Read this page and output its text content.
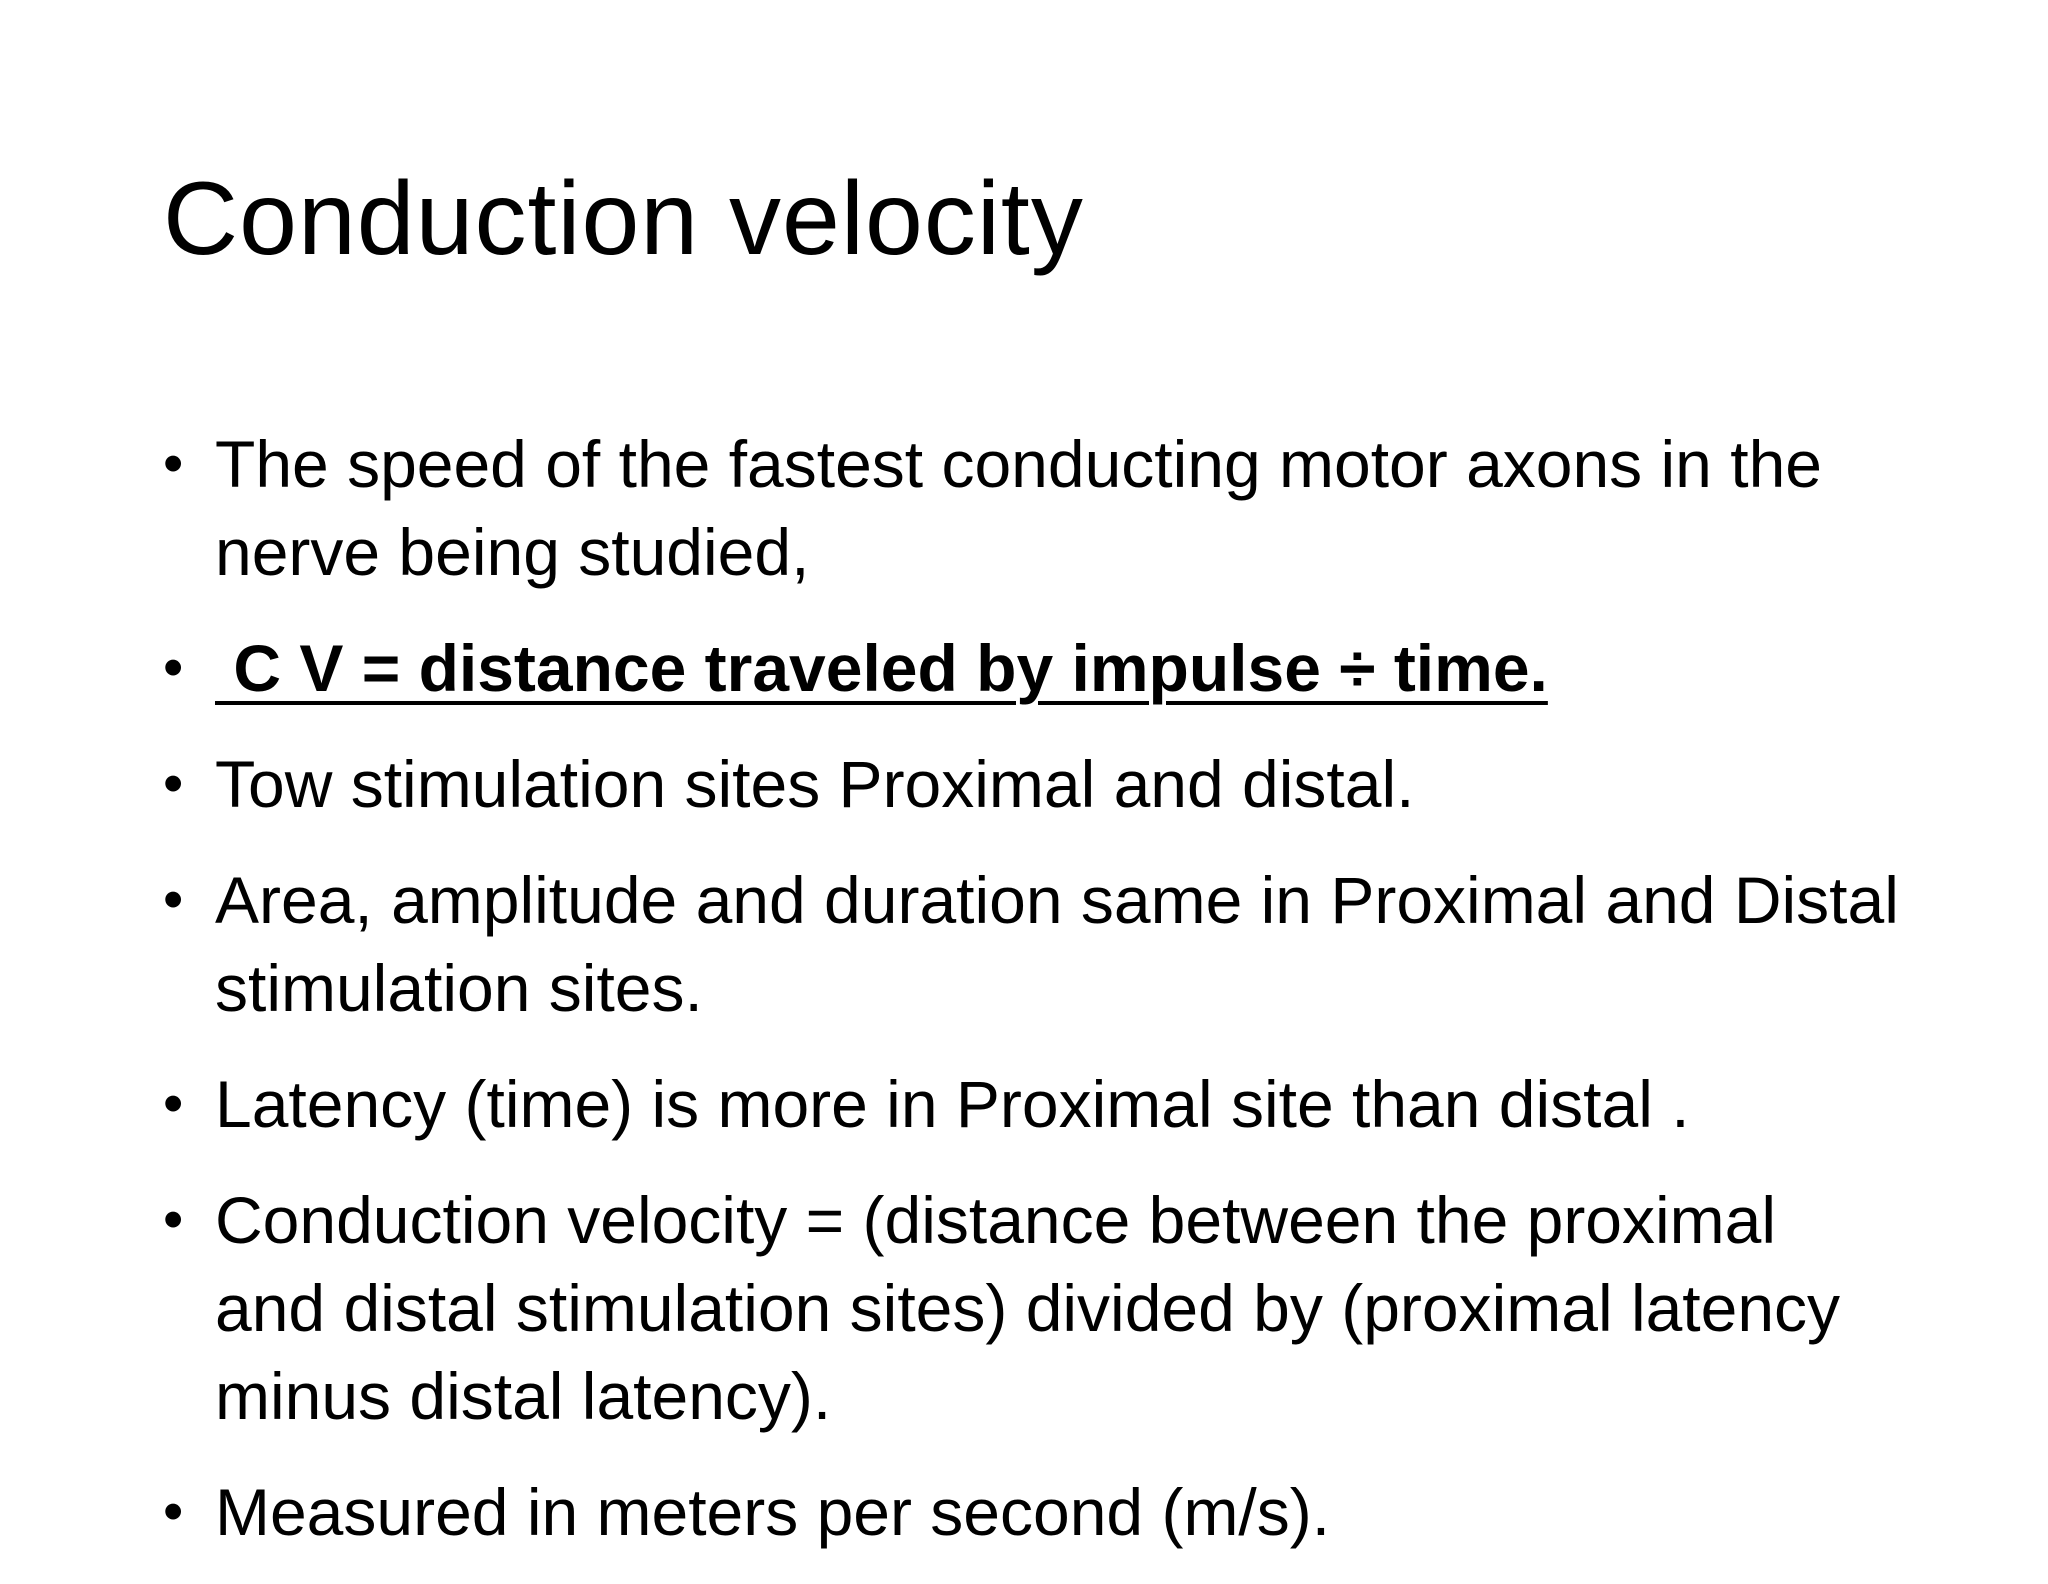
Conduction velocity
• The speed of the fastest conducting motor axons in the nerve being studied,
• C V = distance traveled by impulse ÷ time.
• Tow stimulation sites Proximal and distal.
• Area, amplitude and duration same in Proximal and Distal stimulation sites.
• Latency (time) is more in Proximal site than distal .
• Conduction velocity = (distance between the proximal and distal stimulation sites) divided by (proximal latency minus distal latency).
• Measured in meters per second (m/s).
